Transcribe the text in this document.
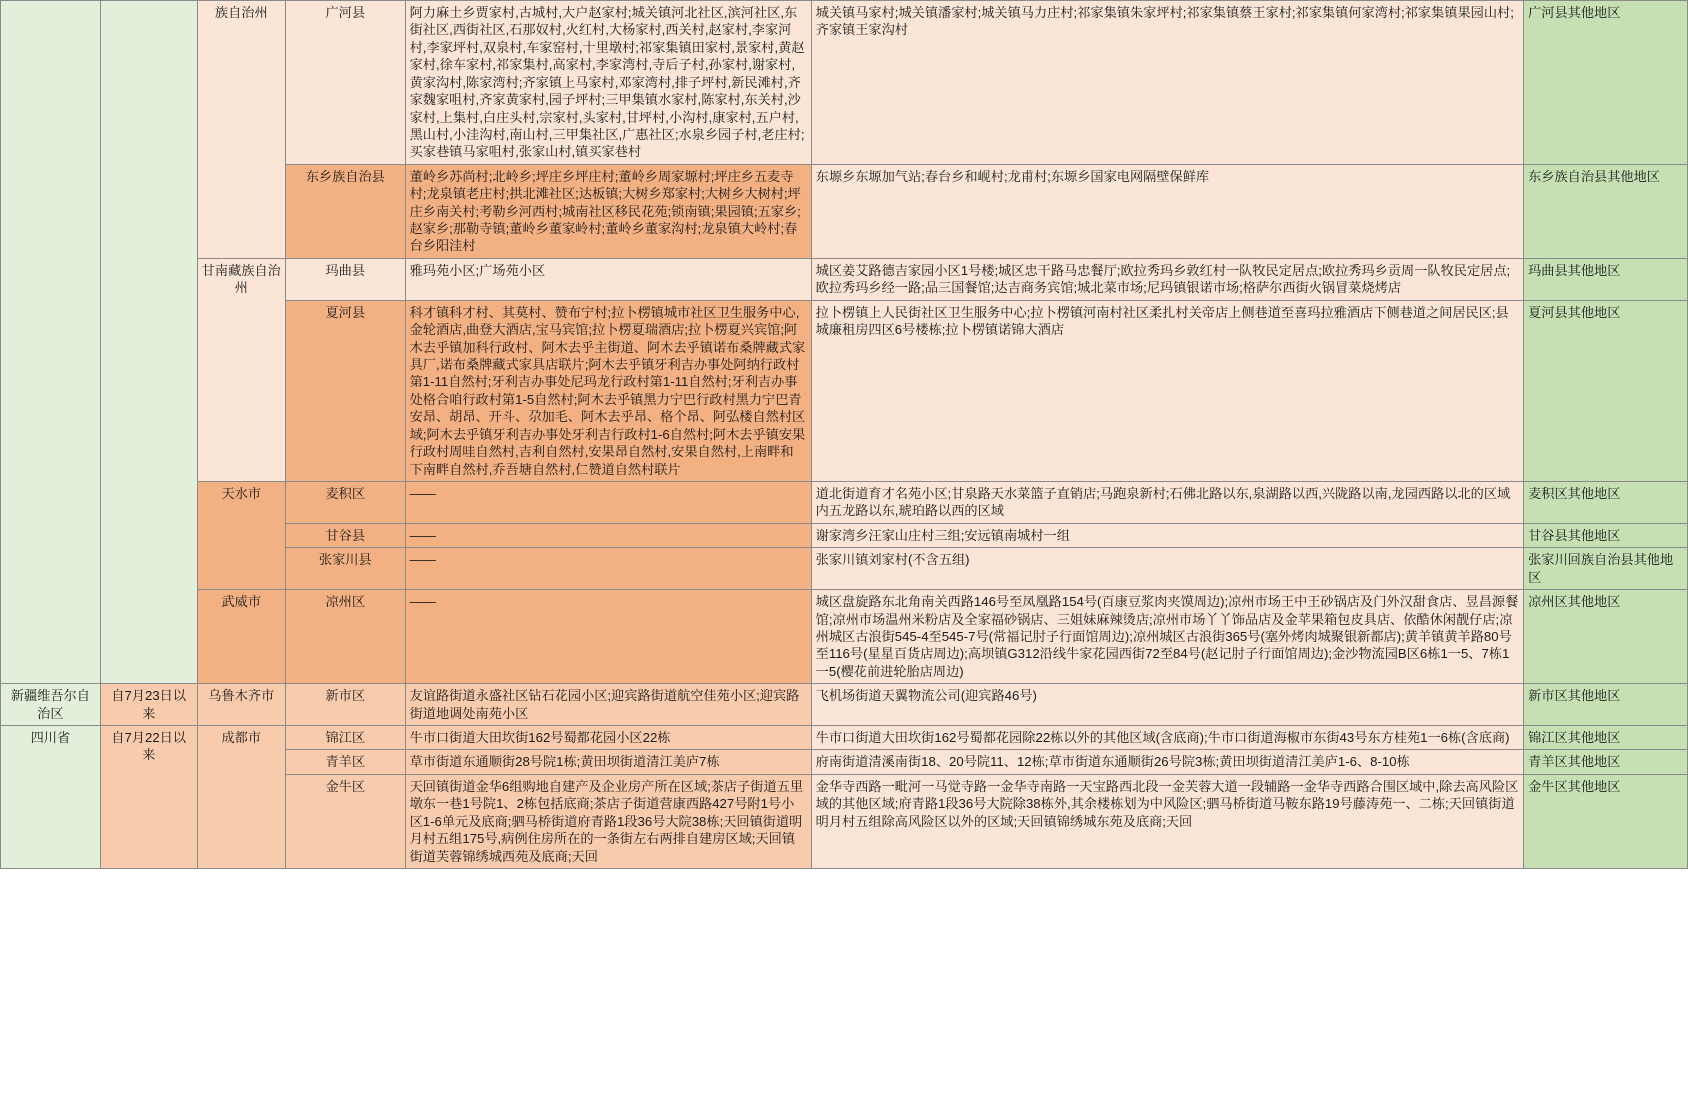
		族自治州	广河县	阿力麻土乡贾家村,古城村,大户赵家村;城关镇河北社区,滨河社区,东街社区,西街社区,石那奴村,火红村,大杨家村,西关村,赵家村,李家河村,李家坪村,双泉村,车家窑村,十里墩村;祁家集镇田家村,景家村,黄赵家村,徐车家村,祁家集村,高家村,李家湾村,寺后子村,孙家村,谢家村,黄家沟村,陈家湾村;齐家镇上马家村,邓家湾村,排子坪村,新民滩村,齐家魏家咀村,齐家黄家村,园子坪村;三甲集镇水家村,陈家村,东关村,沙家村,上集村,白庄头村,宗家村,头家村,甘坪村,小沟村,康家村,五户村,黑山村,小洼沟村,南山村,三甲集社区,广惠社区;水泉乡园子村,老庄村;买家巷镇马家咀村,张家山村,镇买家巷村	城关镇马家村;城关镇潘家村;城关镇马力庄村;祁家集镇朱家坪村;祁家集镇蔡王家村;祁家集镇何家湾村;祁家集镇果园山村;齐家镇王家沟村	广河县其他地区
			东乡族自治县	董岭乡苏尚村;北岭乡;坪庄乡坪庄村;董岭乡周家塬村;坪庄乡五麦寺村;龙泉镇老庄村;拱北滩社区;达板镇;大树乡郑家村;大树乡大树村;坪庄乡南关村;考勒乡河西村;城南社区移民花苑;锁南镇;果园镇;五家乡;赵家乡;那勒寺镇;董岭乡董家岭村;董岭乡董家沟村;龙泉镇大岭村;春台乡阳洼村	东塬乡东塬加气站;春台乡和岘村;龙甫村;东塬乡国家电网隔壁保鲜库	东乡族自治县其他地区
		甘南藏族自治州	玛曲县	雅玛苑小区;广场苑小区	城区姜艾路德吉家园小区1号楼;城区忠干路马忠餐厅;欧拉秀玛乡敦红村一队牧民定居点;欧拉秀玛乡贡周一队牧民定居点;欧拉秀玛乡经一路;品三国餐馆;达吉商务宾馆;城北菜市场;尼玛镇银诺市场;格萨尔西街火锅冒菜烧烤店	玛曲县其他地区
			夏河县	科才镇科才村、其莫村、赞布宁村;拉卜楞镇城市社区卫生服务中心,金轮酒店,曲登大酒店,宝马宾馆;拉卜楞夏瑞酒店;拉卜楞夏兴宾馆;阿木去乎镇加科行政村、阿木去乎主街道、阿木去乎镇诺布桑牌藏式家具厂,诺布桑牌藏式家具店联片;阿木去乎镇牙利吉办事处阿纳行政村第1-11自然村;牙利吉办事处尼玛龙行政村第1-11自然村;牙利吉办事处格合咱行政村第1-5自然村;阿木去乎镇黑力宁巴行政村黑力宁巴青安昂、胡昂、开斗、尕加毛、阿木去乎昂、格个昂、阿弘楼自然村区域;阿木去乎镇牙利吉办事处牙利吉行政村1-6自然村;阿木去乎镇安果行政村周哇自然村,吉利自然村,安果昂自然村,安果自然村,上南畔和下南畔自然村,乔吾塘自然村,仁赞道自然村联片	拉卜楞镇上人民街社区卫生服务中心;拉卜楞镇河南村社区柔扎村关帝店上侧巷道至喜玛拉雅酒店下侧巷道之间居民区;县城廉租房四区6号楼栋;拉卜楞镇诺锦大酒店	夏河县其他地区
		天水市	麦积区	——	道北街道育才名苑小区;甘泉路天水菜篮子直销店;马跑泉新村;石佛北路以东,泉湖路以西,兴陇路以南,龙园西路以北的区域内五龙路以东,琥珀路以西的区域	麦积区其他地区
			甘谷县	——	谢家湾乡汪家山庄村三组;安远镇南城村一组	甘谷县其他地区
			张家川县	——	张家川镇刘家村(不含五组)	张家川回族自治县其他地区
		武威市	凉州区	——	城区盘旋路东北角南关西路146号至凤凰路154号(百康豆浆肉夹馍周边);凉州市场王中王砂锅店及门外汉甜食店、昱昌源餐馆;凉州市场温州米粉店及全家福砂锅店、三姐妹麻辣烫店;凉州市场丫丫饰品店及金苹果箱包皮具店、依酷休闲靓仔店;凉州城区古浪街545-4至545-7号(常福记肘子行面馆周边);凉州城区古浪街365号(塞外烤肉城聚银新都店);黄羊镇黄羊路80号至116号(星星百货店周边);高坝镇G312沿线牛家花园西街72至84号(赵记肘子行面馆周边);金沙物流园B区6栋1一5、7栋1一5(樱花前进轮胎店周边)	凉州区其他地区
新疆维吾尔自治区	自7月23日以来	乌鲁木齐市	新市区	友谊路街道永盛社区钻石花园小区;迎宾路街道航空佳苑小区;迎宾路街道地调处南苑小区	飞机场街道天翼物流公司(迎宾路46号)	新市区其他地区
四川省	自7月22日以来	成都市	锦江区	牛市口街道大田坎街162号蜀都花园小区22栋	牛市口街道大田坎街162号蜀都花园除22栋以外的其他区域(含底商);牛市口街道海椒市东街43号东方桂苑1一6栋(含底商)	锦江区其他地区
			青羊区	草市街道东通顺街28号院1栋;黄田坝街道清江美庐7栋	府南街道清溪南街18、20号院11、12栋;草市街道东通顺街26号院3栋;黄田坝街道清江美庐1-6、8-10栋	青羊区其他地区
			金牛区	天回镇街道金华6组购地自建产及企业房产所在区域;茶店子街道五里墩东一巷1号院1、2栋包括底商;茶店子街道营康西路427号附1号小区1-6单元及底商;驷马桥街道府青路1段36号大院38栋;天回镇街道明月村五组175号,病例住房所在的一条街左右两排自建房区域;天回镇街道芙蓉锦绣城西苑及底商;天回	金华寺西路一毗河一马觉寺路一金华寺南路一天宝路西北段一金芙蓉大道一段辅路一金华寺西路合围区域中,除去高风险区域的其他区域;府青路1段36号大院除38栋外,其余楼栋划为中风险区;驷马桥街道马鞍东路19号藤涛苑一、二栋;天回镇街道明月村五组除高风险区以外的区域;天回镇锦绣城东苑及底商;天回	金牛区其他地区
